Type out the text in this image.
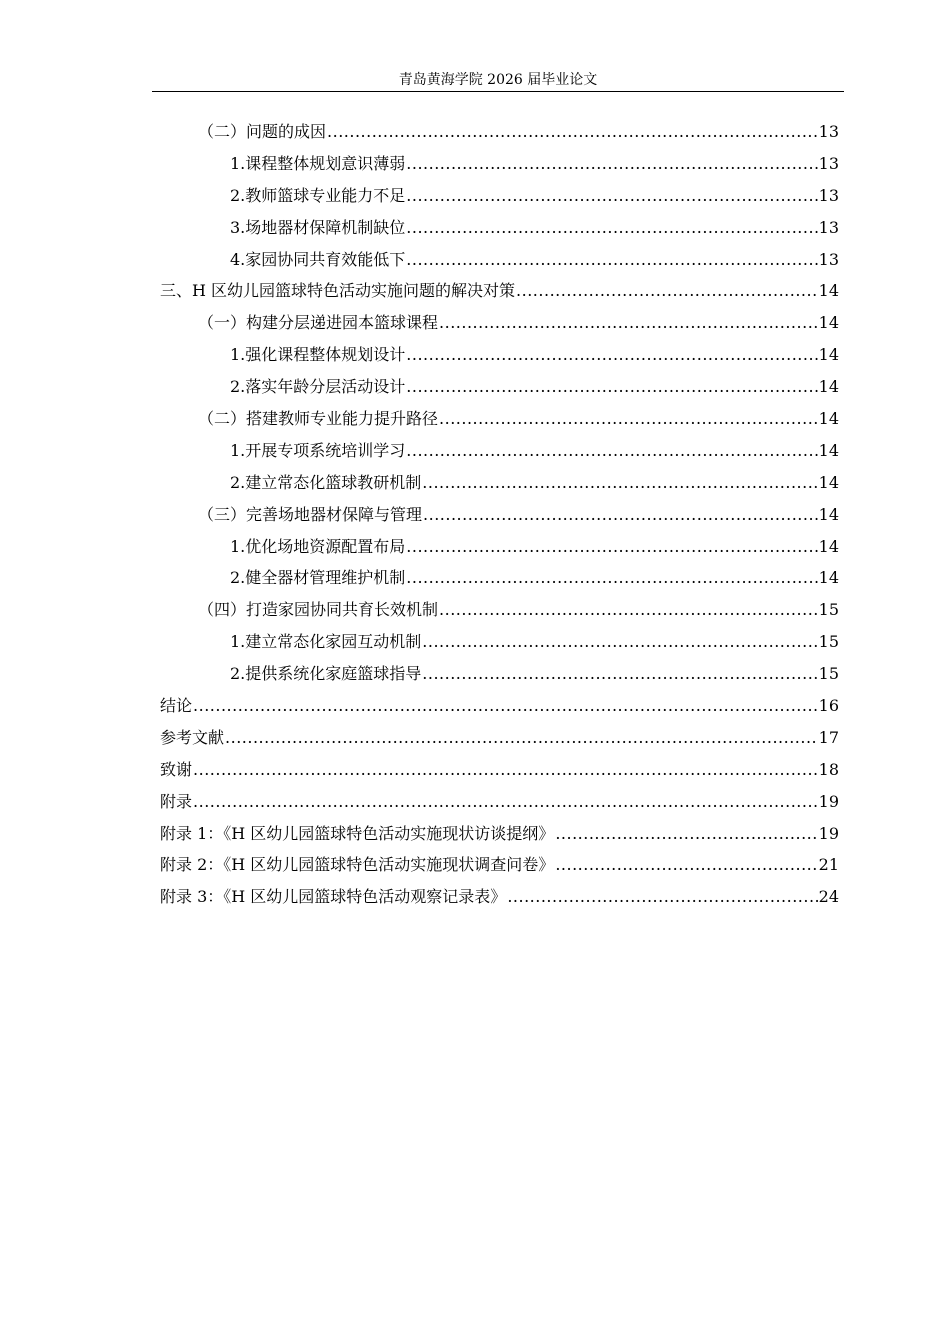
青岛黄海学院 2026 届毕业论文
（二）问题的成因 .....	13
1.课程整体规划意识薄弱 .....	13
2.教师篮球专业能力不足 .....	13
3.场地器材保障机制缺位 .....	13
4.家园协同共育效能低下 .....	13
三、H 区幼儿园篮球特色活动实施问题的解决对策 .....	14
（一）构建分层递进园本篮球课程 .....	14
1.强化课程整体规划设计 .....	14
2.落实年龄分层活动设计 .....	14
（二）搭建教师专业能力提升路径 .....	14
1.开展专项系统培训学习 .....	14
2.建立常态化篮球教研机制 .....	14
（三）完善场地器材保障与管理 .....	14
1.优化场地资源配置布局 .....	14
2.健全器材管理维护机制 .....	14
（四）打造家园协同共育长效机制 .....	15
1.建立常态化家园互动机制 .....	15
2.提供系统化家庭篮球指导 .....	15
结论 .....	16
参考文献 .....	17
致谢 .....	18
附录 .....	19
附录 1：《H 区幼儿园篮球特色活动实施现状访谈提纲》 .....	19
附录 2：《H 区幼儿园篮球特色活动实施现状调查问卷》 .....	21
附录 3：《H 区幼儿园篮球特色活动观察记录表》 .....	24
